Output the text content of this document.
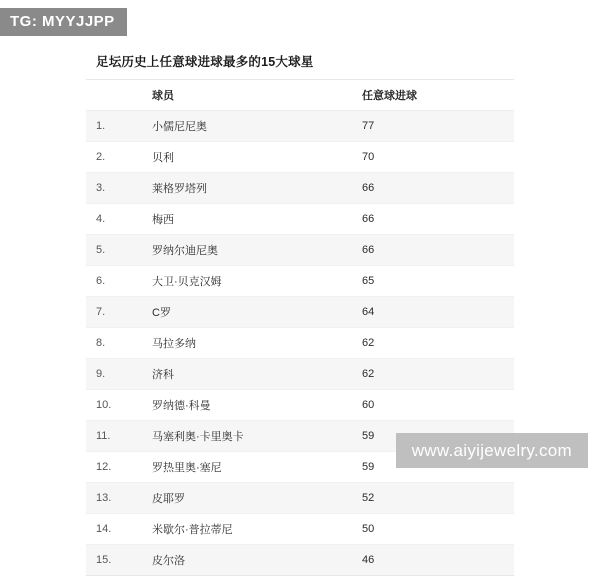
TG: MYYJJPP
足坛历史上任意球进球最多的15大球星
	球员	任意球进球
1.	小儒尼尼奥	77
2.	贝利	70
3.	莱格罗塔列	66
4.	梅西	66
5.	罗纳尔迪尼奥	66
6.	大卫·贝克汉姆	65
7.	C罗	64
8.	马拉多纳	62
9.	济科	62
10.	罗纳德·科曼	60
11.	马塞利奥·卡里奥卡	59
12.	罗热里奥·塞尼	59
13.	皮耶罗	52
14.	米歇尔·普拉蒂尼	50
15.	皮尔洛	46
www.aiyijewelry.com
